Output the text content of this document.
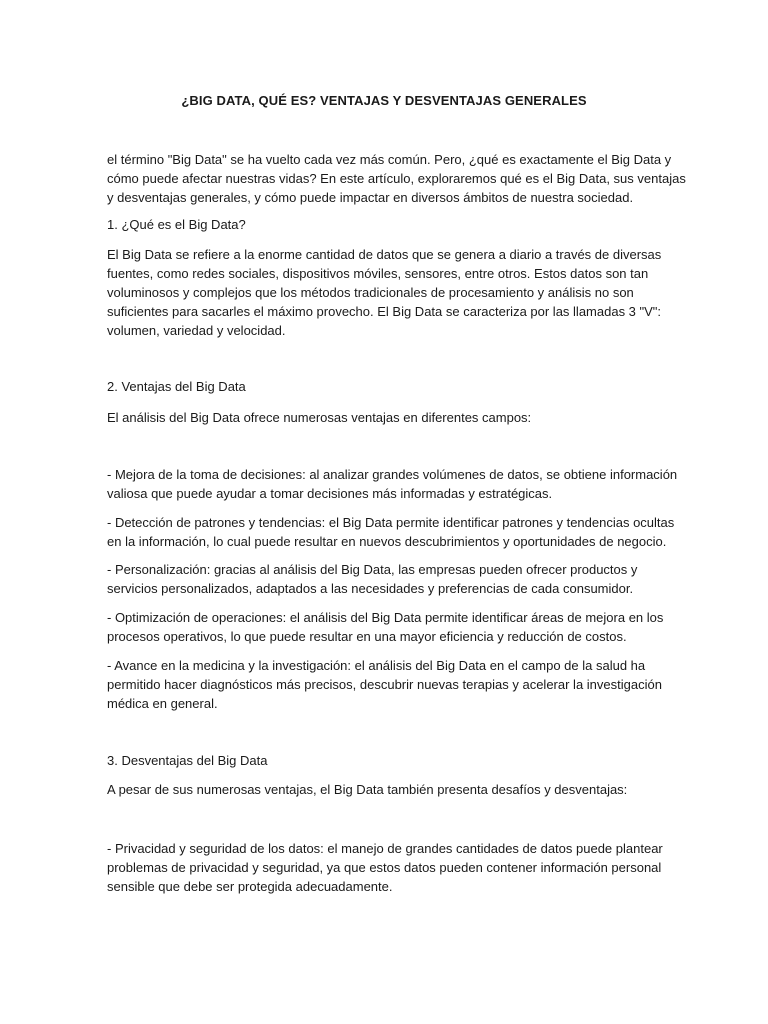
¿BIG DATA, QUÉ ES? VENTAJAS Y DESVENTAJAS GENERALES

el término "Big Data" se ha vuelto cada vez más común. Pero, ¿qué es exactamente el Big Data y
cómo puede afectar nuestras vidas? En este artículo, exploraremos qué es el Big Data, sus ventajas
y desventajas generales, y cómo puede impactar en diversos ámbitos de nuestra sociedad.

1. ¿Qué es el Big Data?

El Big Data se refiere a la enorme cantidad de datos que se genera a diario a través de diversas
fuentes, como redes sociales, dispositivos móviles, sensores, entre otros. Estos datos son tan
voluminosos y complejos que los métodos tradicionales de procesamiento y análisis no son
suficientes para sacarles el máximo provecho. El Big Data se caracteriza por las llamadas 3 "V":
volumen, variedad y velocidad.

2. Ventajas del Big Data

El análisis del Big Data ofrece numerosas ventajas en diferentes campos:

- Mejora de la toma de decisiones: al analizar grandes volúmenes de datos, se obtiene información
valiosa que puede ayudar a tomar decisiones más informadas y estratégicas.

- Detección de patrones y tendencias: el Big Data permite identificar patrones y tendencias ocultas
en la información, lo cual puede resultar en nuevos descubrimientos y oportunidades de negocio.

- Personalización: gracias al análisis del Big Data, las empresas pueden ofrecer productos y
servicios personalizados, adaptados a las necesidades y preferencias de cada consumidor.

- Optimización de operaciones: el análisis del Big Data permite identificar áreas de mejora en los
procesos operativos, lo que puede resultar en una mayor eficiencia y reducción de costos.

- Avance en la medicina y la investigación: el análisis del Big Data en el campo de la salud ha
permitido hacer diagnósticos más precisos, descubrir nuevas terapias y acelerar la investigación
médica en general.

3. Desventajas del Big Data

A pesar de sus numerosas ventajas, el Big Data también presenta desafíos y desventajas:

- Privacidad y seguridad de los datos: el manejo de grandes cantidades de datos puede plantear
problemas de privacidad y seguridad, ya que estos datos pueden contener información personal
sensible que debe ser protegida adecuadamente.
